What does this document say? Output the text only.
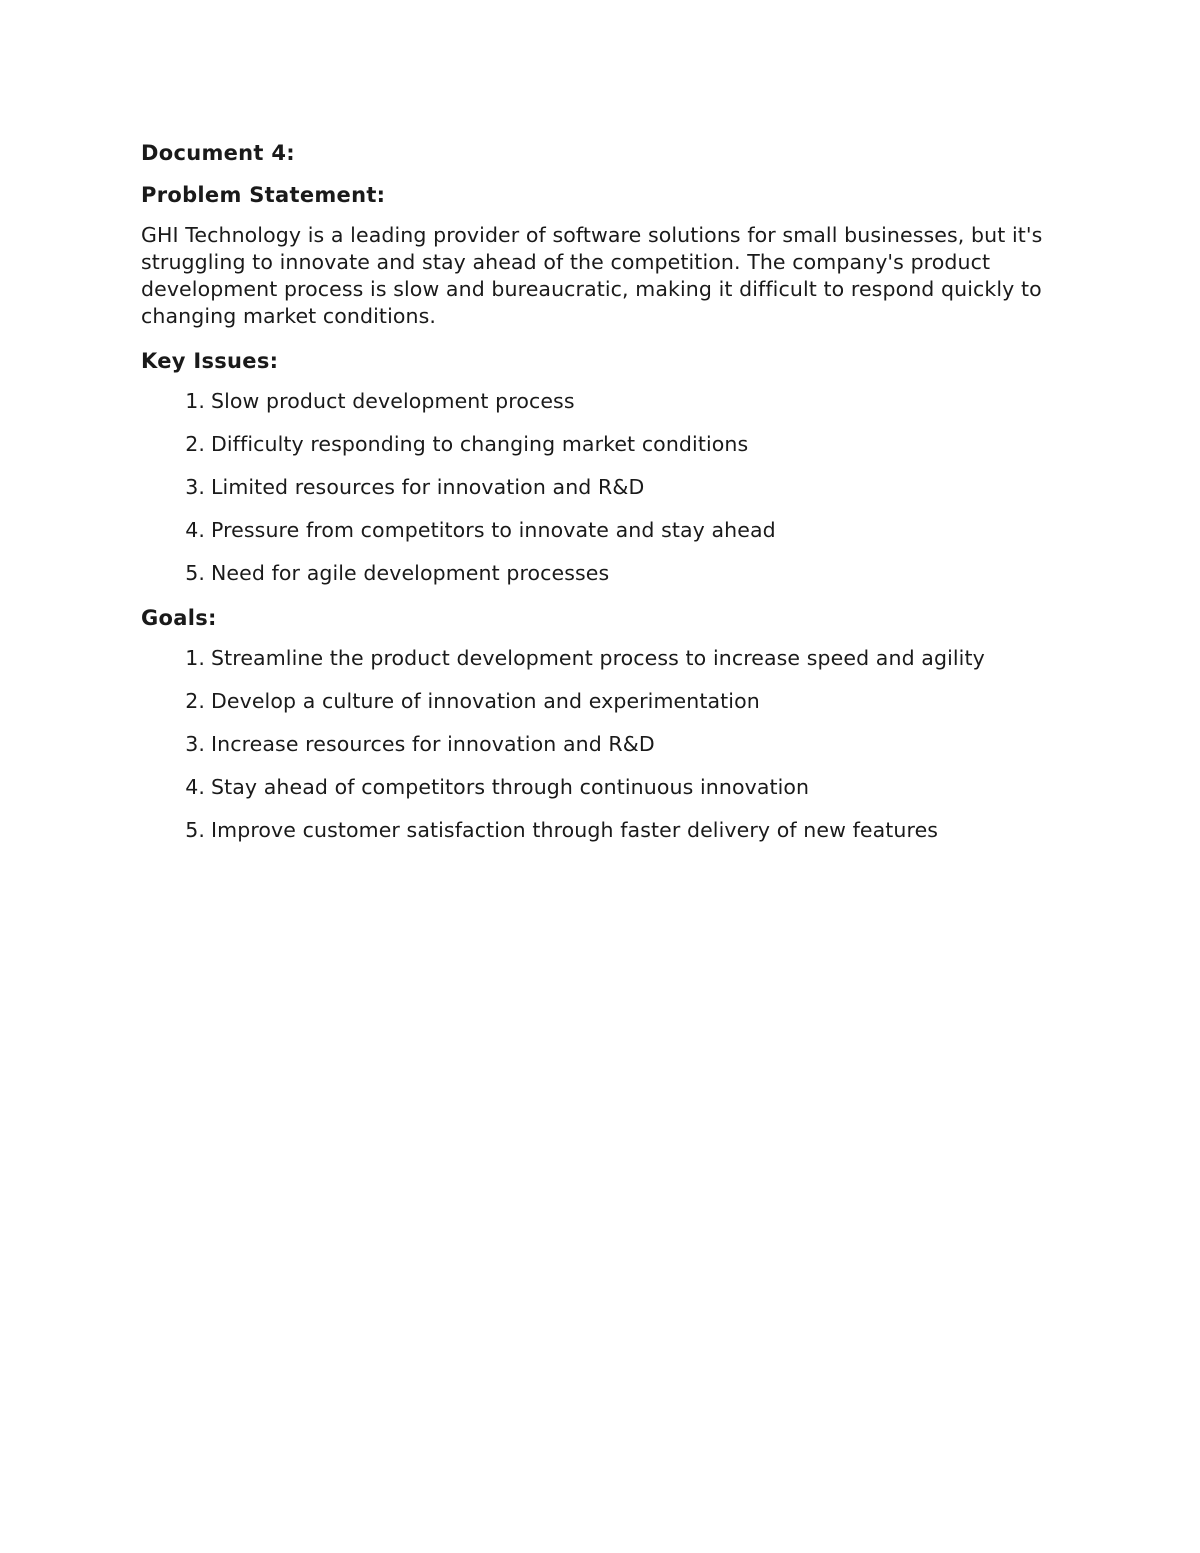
Document 4:
Problem Statement:

GHI Technology is a leading provider of software solutions for small businesses, but it's struggling to innovate and stay ahead of the competition. The company's product development process is slow and bureaucratic, making it difficult to respond quickly to changing market conditions.

Key Issues:
1. Slow product development process
2. Difficulty responding to changing market conditions
3. Limited resources for innovation and R&D
4. Pressure from competitors to innovate and stay ahead
5. Need for agile development processes
Goals:
1. Streamline the product development process to increase speed and agility
2. Develop a culture of innovation and experimentation
3. Increase resources for innovation and R&D
4. Stay ahead of competitors through continuous innovation
5. Improve customer satisfaction through faster delivery of new features
